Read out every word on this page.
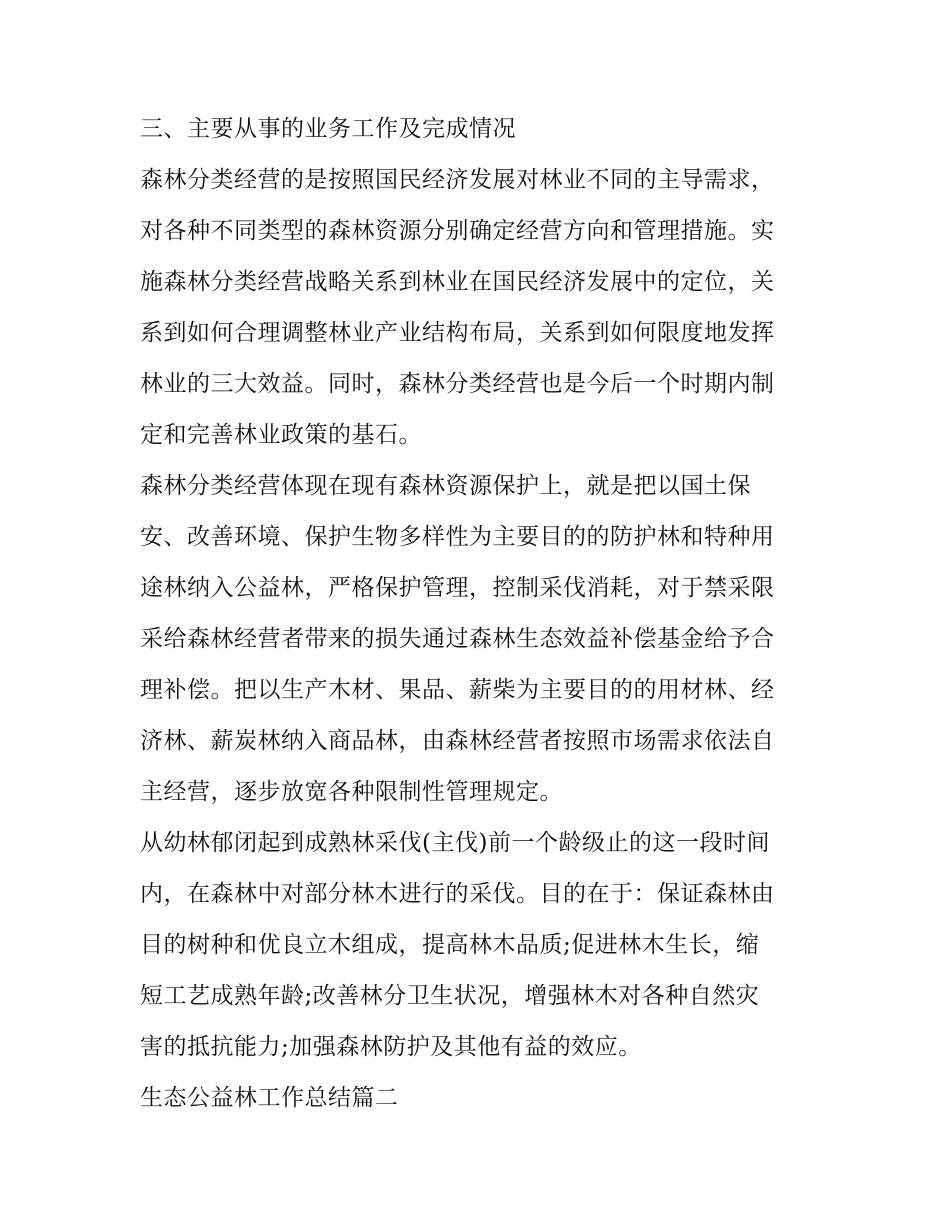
三、主要从事的业务工作及完成情况
森林分类经营的是按照国民经济发展对林业不同的主导需求，
对各种不同类型的森林资源分别确定经营方向和管理措施。实
施森林分类经营战略关系到林业在国民经济发展中的定位，关
系到如何合理调整林业产业结构布局，关系到如何限度地发挥
林业的三大效益。同时，森林分类经营也是今后一个时期内制
定和完善林业政策的基石。
森林分类经营体现在现有森林资源保护上，就是把以国土保
安、改善环境、保护生物多样性为主要目的的防护林和特种用
途林纳入公益林，严格保护管理，控制采伐消耗，对于禁采限
采给森林经营者带来的损失通过森林生态效益补偿基金给予合
理补偿。把以生产木材、果品、薪柴为主要目的的用材林、经
济林、薪炭林纳入商品林，由森林经营者按照市场需求依法自
主经营，逐步放宽各种限制性管理规定。
从幼林郁闭起到成熟林采伐(主伐)前一个龄级止的这一段时间
内，在森林中对部分林木进行的采伐。目的在于：保证森林由
目的树种和优良立木组成，提高林木品质;促进林木生长，缩
短工艺成熟年龄;改善林分卫生状况，增强林木对各种自然灾
害的抵抗能力;加强森林防护及其他有益的效应。
生态公益林工作总结篇二
